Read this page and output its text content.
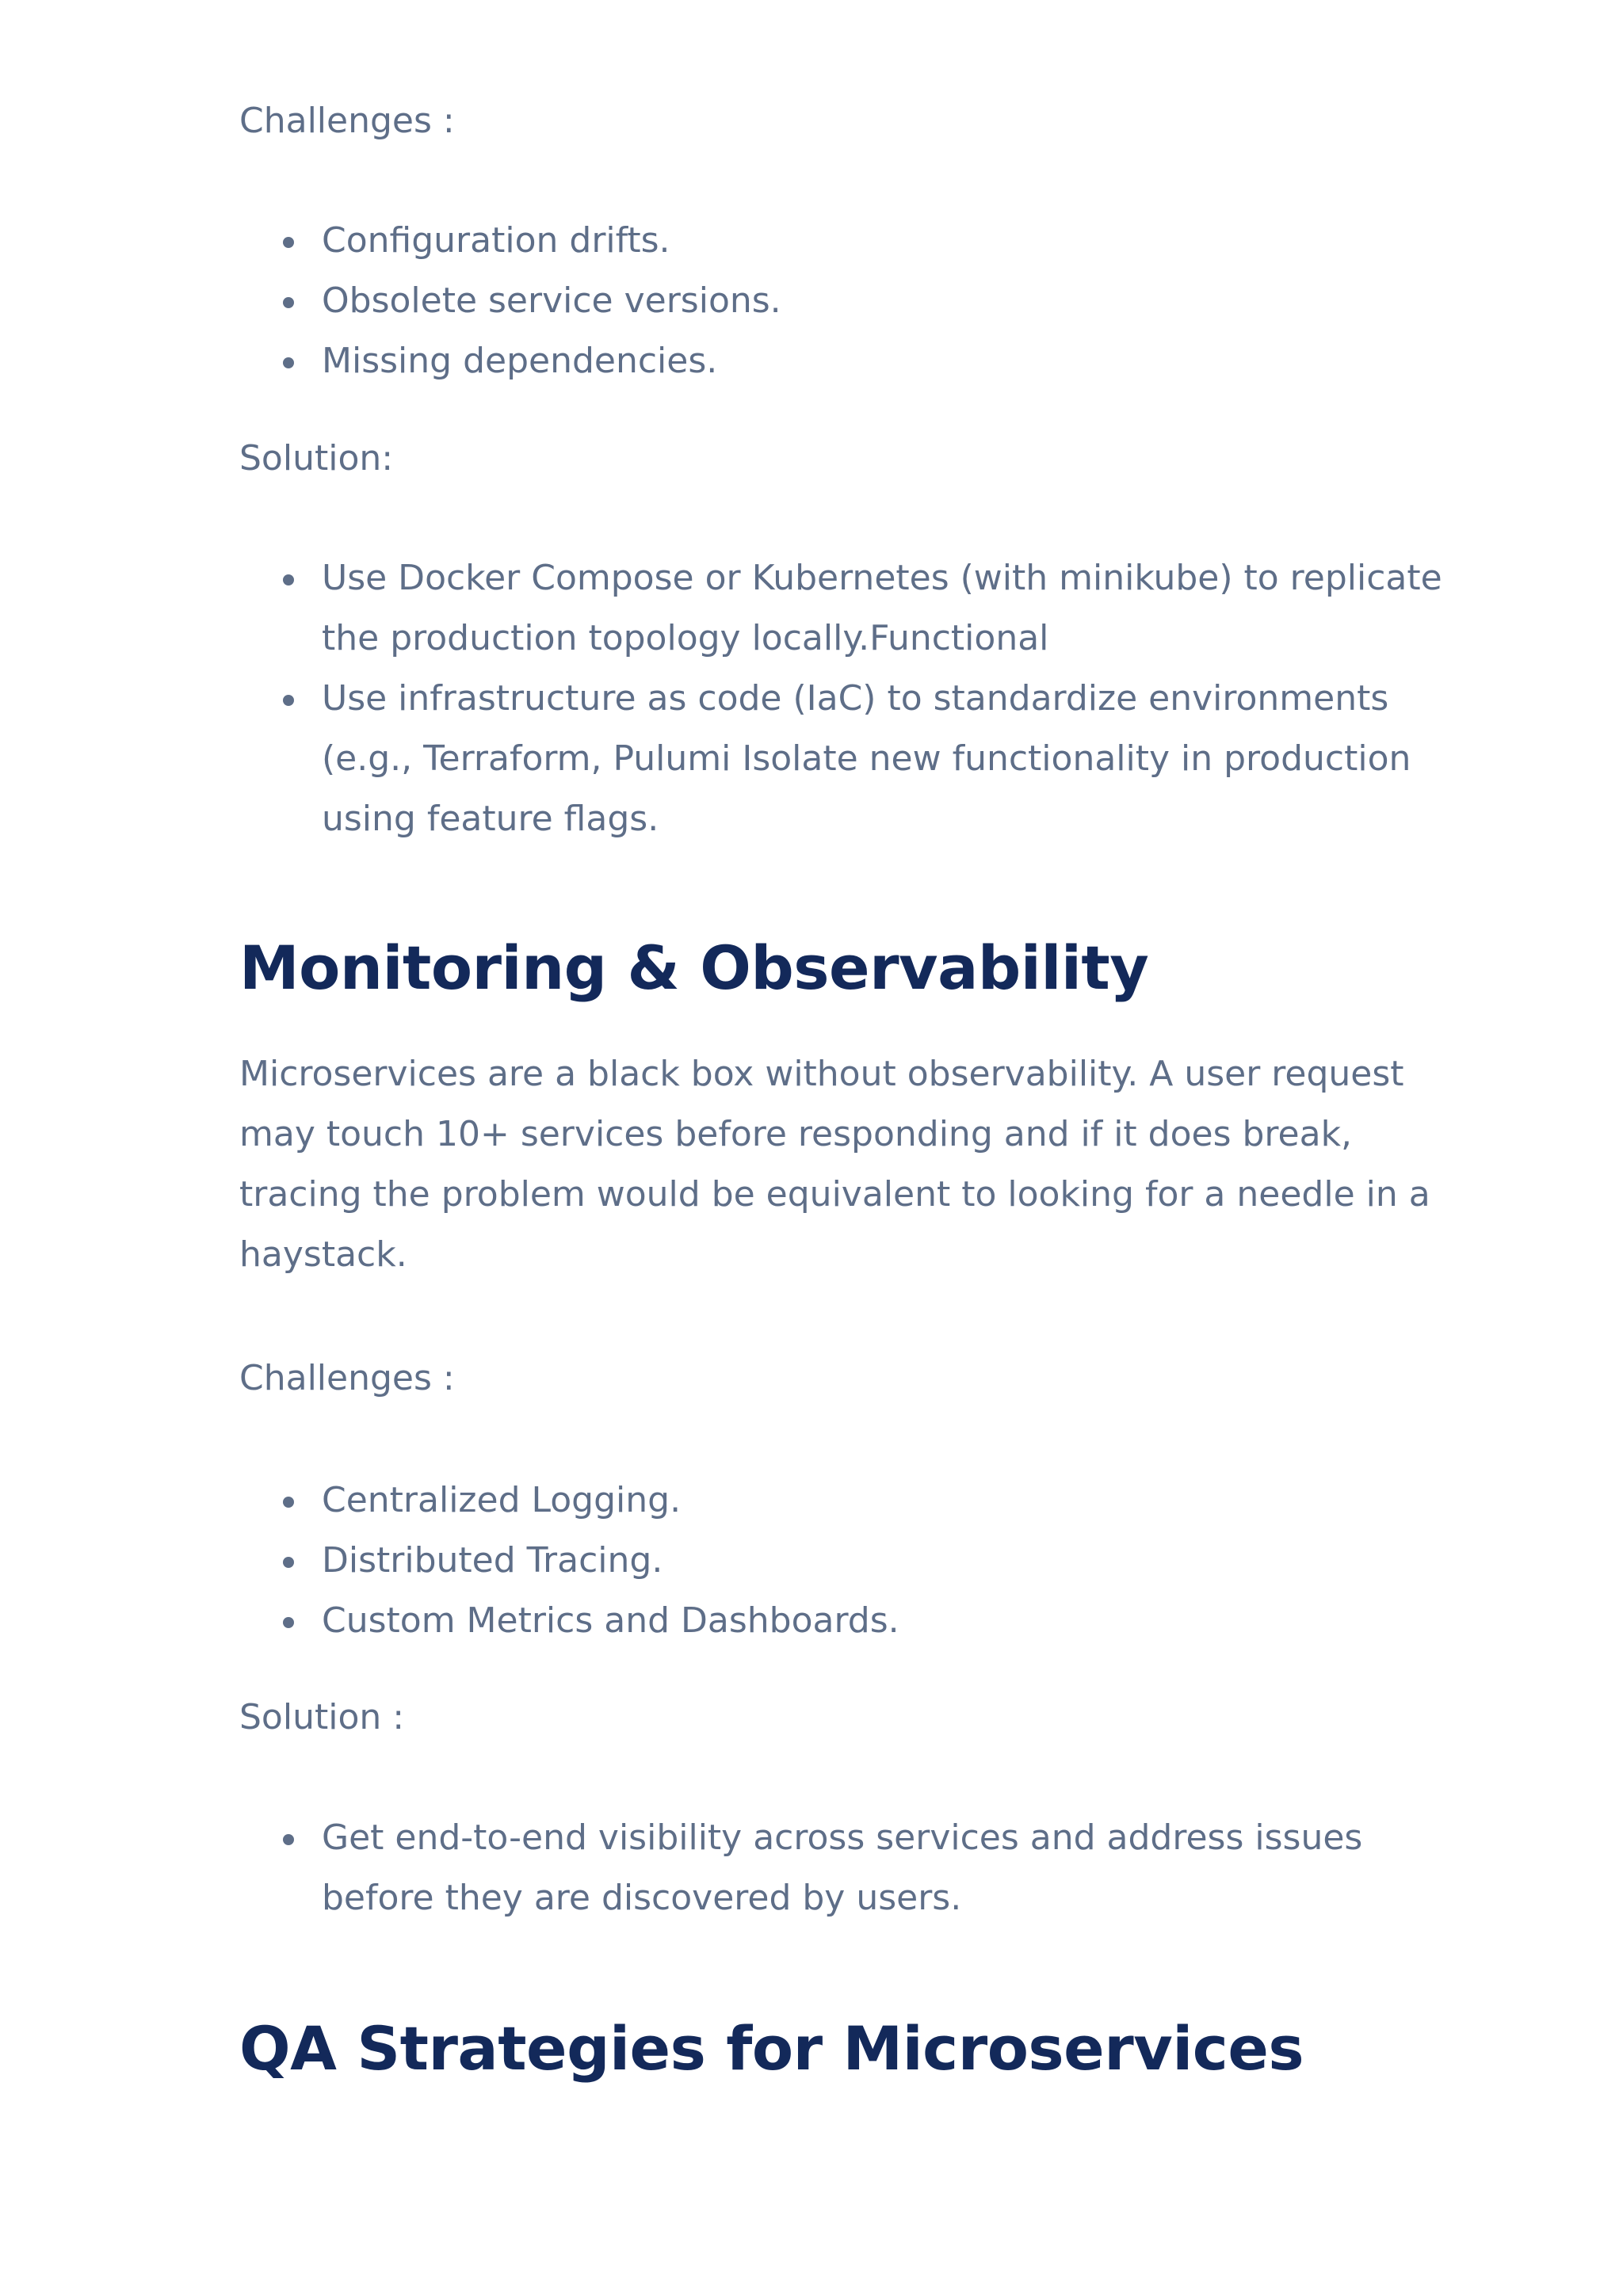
Challenges :

Configuration drifts.
Obsolete service versions.
Missing dependencies.

Solution:

Use Docker Compose or Kubernetes (with minikube) to replicate
the production topology locally.Functional
Use infrastructure as code (IaC) to standardize environments
(e.g., Terraform, Pulumi Isolate new functionality in production
using feature flags.
Monitoring & Observability

Microservices are a black box without observability. A user request

may touch 10+ services before responding and if it does break,

tracing the problem would be equivalent to looking for a needle in a

haystack.

Challenges :

Centralized Logging.
Distributed Tracing.
Custom Metrics and Dashboards.

Solution :

Get end-to-end visibility across services and address issues
before they are discovered by users.
QA Strategies for Microservices
